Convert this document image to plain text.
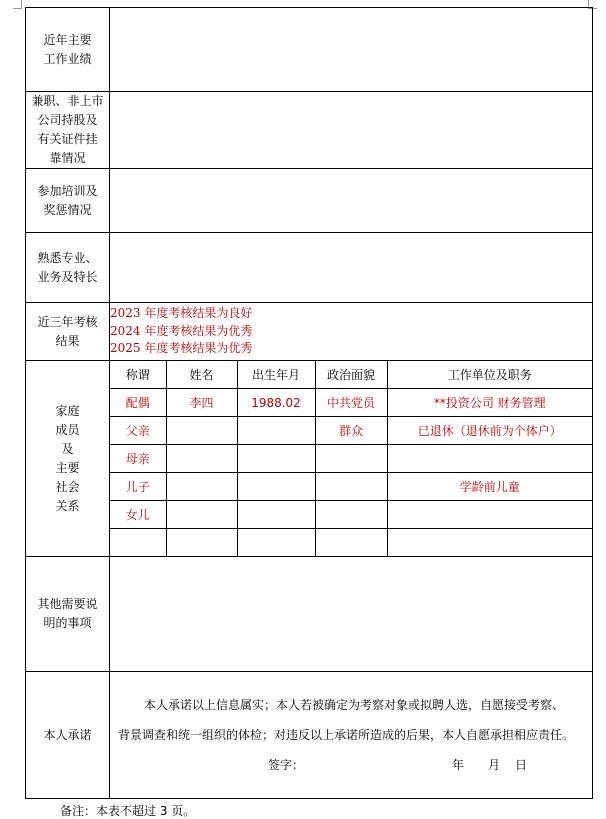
近年主要
工作业绩

兼职、非上市
公司持股及
有关证件挂
靠情况

参加培训及
奖惩情况

熟悉专业、
业务及特长

近三年考核
结果

2023 年度考核结果为良好
2024 年度考核结果为优秀
2025 年度考核结果为优秀

家庭
成员
及
主要
社会
关系

称谓	姓名	出生年月	政治面貌	工作单位及职务
配偶	李四	1988.02	中共党员	**投资公司 财务管理
父亲			群众	已退休（退休前为个体户）
母亲				
儿子				学龄前儿童
女儿				

其他需要说
明的事项

本人承诺

本人承诺以上信息属实；本人若被确定为考察对象或拟聘人选，自愿接受考察、
背景调查和统一组织的体检；对违反以上承诺所造成的后果，本人自愿承担相应责任。
签字：	年 月 日
备注：本表不超过 3 页。
